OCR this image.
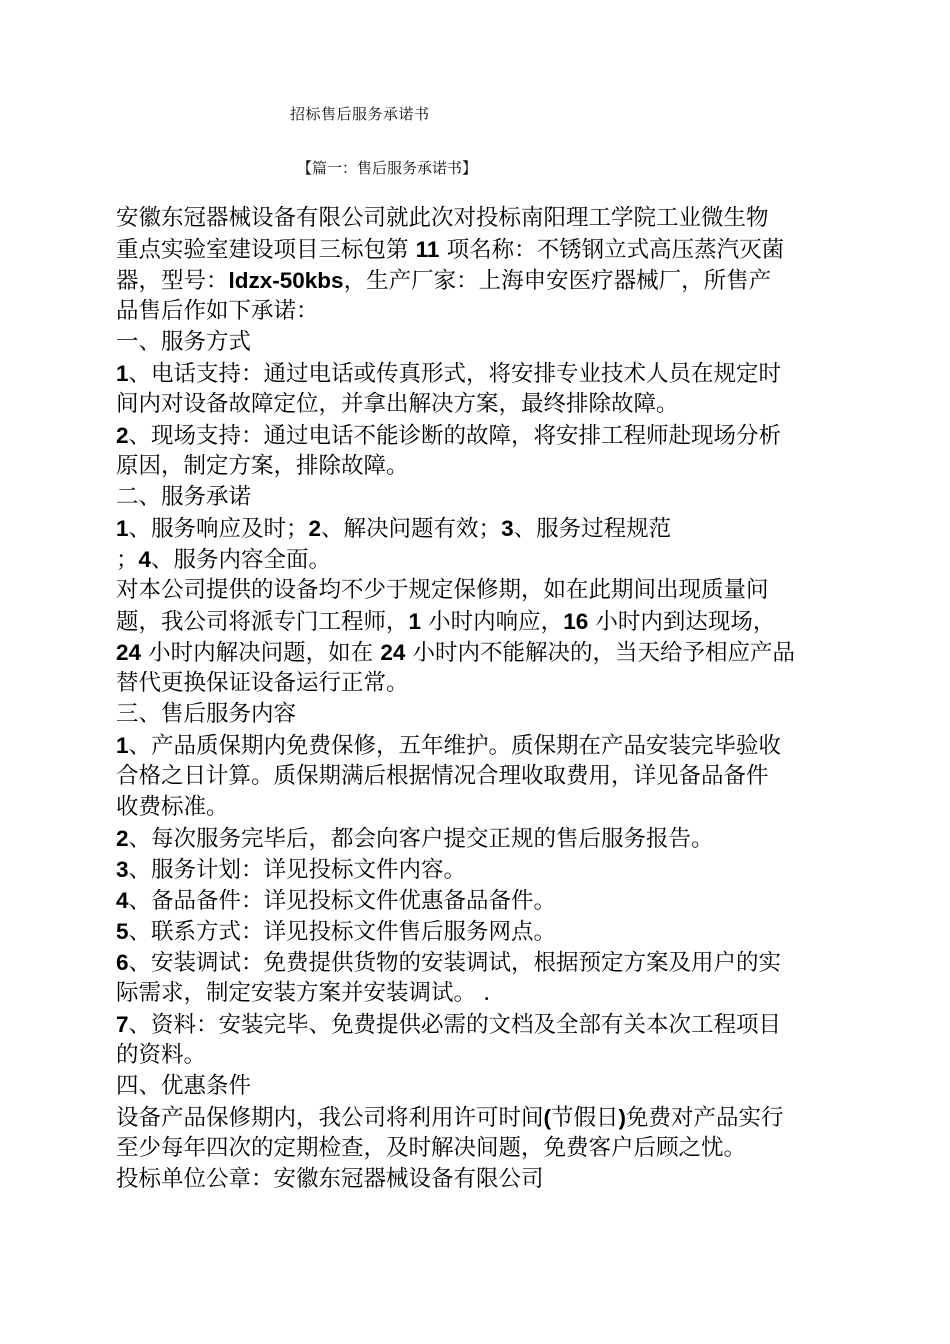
招标售后服务承诺书
【篇一：售后服务承诺书】
安徽东冠器械设备有限公司就此次对投标南阳理工学院工业微生物
重点实验室建设项目三标包第 11 项名称：不锈钢立式高压蒸汽灭菌
器，型号：ldzx-50kbs，生产厂家：上海申安医疗器械厂，所售产
品售后作如下承诺：
一、服务方式
1、电话支持：通过电话或传真形式，将安排专业技术人员在规定时
间内对设备故障定位，并拿出解决方案，最终排除故障。
2、现场支持：通过电话不能诊断的故障，将安排工程师赴现场分析
原因，制定方案，排除故障。
二、服务承诺
1、服务响应及时；2、解决问题有效；3、服务过程规范
；4、服务内容全面。
对本公司提供的设备均不少于规定保修期，如在此期间出现质量问
题，我公司将派专门工程师，1 小时内响应，16 小时内到达现场，
24 小时内解决问题，如在 24 小时内不能解决的，当天给予相应产品
替代更换保证设备运行正常。
三、售后服务内容
1、产品质保期内免费保修，五年维护。质保期在产品安装完毕验收
合格之日计算。质保期满后根据情况合理收取费用，详见备品备件
收费标准。
2、每次服务完毕后，都会向客户提交正规的售后服务报告。
3、服务计划：详见投标文件内容。
4、备品备件：详见投标文件优惠备品备件。
5、联系方式：详见投标文件售后服务网点。
6、安装调试：免费提供货物的安装调试，根据预定方案及用户的实
际需求，制定安装方案并安装调试。 .
7、资料：安装完毕、免费提供必需的文档及全部有关本次工程项目
的资料。
四、优惠条件
设备产品保修期内，我公司将利用许可时间(节假日)免费对产品实行
至少每年四次的定期检查，及时解决间题，免费客户后顾之忧。
投标单位公章：安徽东冠器械设备有限公司
